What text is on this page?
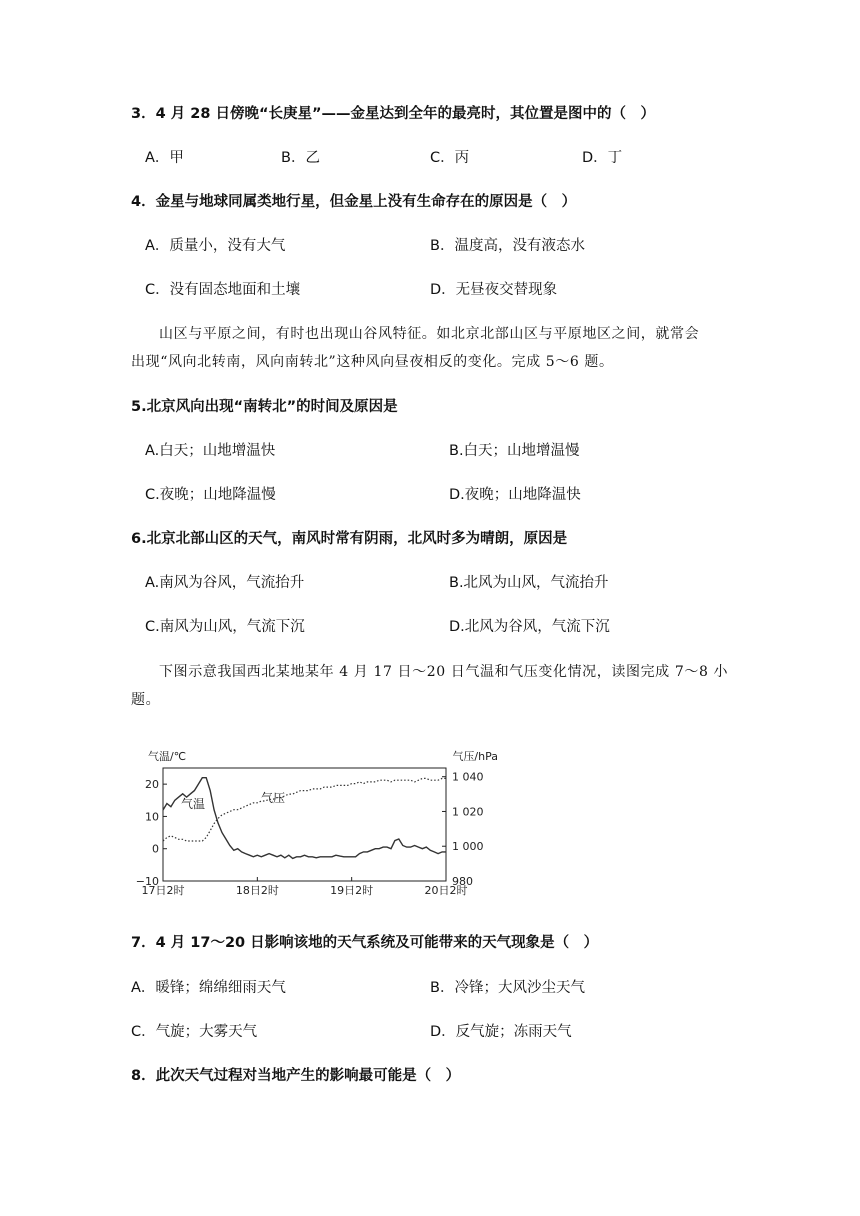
3．4 月 28 日傍晚“长庚星”——金星达到全年的最亮时，其位置是图中的（　）
A．甲	B．乙	C．丙	D．丁
4．金星与地球同属类地行星，但金星上没有生命存在的原因是（　）
A．质量小，没有大气	B．温度高，没有液态水
C．没有固态地面和土壤	D．无昼夜交替现象
山区与平原之间，有时也出现山谷风特征。如北京北部山区与平原地区之间，就常会
出现“风向北转南，风向南转北”这种风向昼夜相反的变化。完成 5～6 题。
5.北京风向出现“南转北”的时间及原因是
A.白天；山地增温快	B.白天；山地增温慢
C.夜晚；山地降温慢	D.夜晚；山地降温快
6.北京北部山区的天气，南风时常有阴雨，北风时多为晴朗，原因是
A.南风为谷风，气流抬升	B.北风为山风，气流抬升
C.南风为山风，气流下沉	D.北风为谷风，气流下沉
下图示意我国西北某地某年 4 月 17 日～20 日气温和气压变化情况，读图完成 7～8 小
题。
20
10
0
−10
1 040
1 020
1 000
980
17日2时	18日2时	19日2时	20日2时
气温/℃	气压/hPa
气温	气压
7．4 月 17～20 日影响该地的天气系统及可能带来的天气现象是（　）
A．暖锋；绵绵细雨天气	B．冷锋；大风沙尘天气
C．气旋；大雾天气	D．反气旋；冻雨天气
8．此次天气过程对当地产生的影响最可能是（　）
